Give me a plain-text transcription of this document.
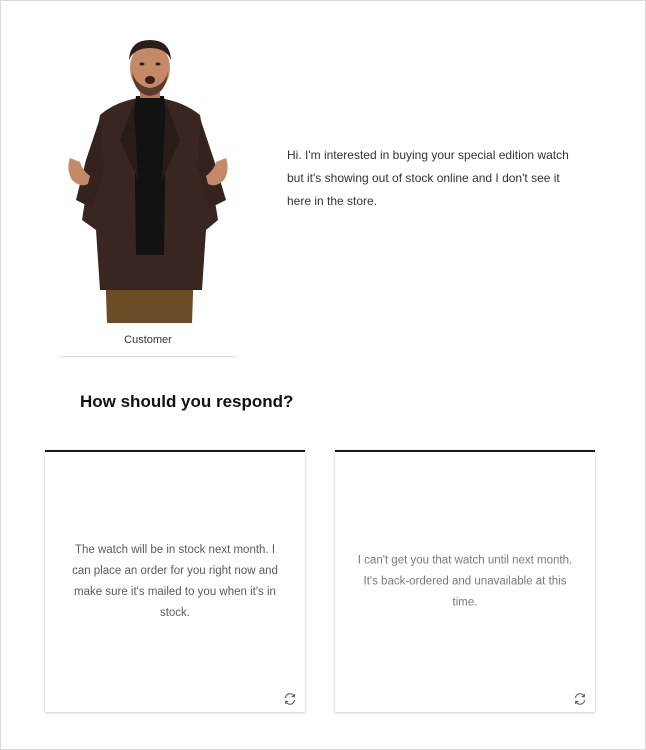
Customer
Hi. I'm interested in buying your special edition watch but it's showing out of stock online and I don't see it here in the store.
How should you respond?
The watch will be in stock next month. I can place an order for you right now and make sure it's mailed to you when it's in stock.
I can't get you that watch until next month. It's back-ordered and unavailable at this time.
